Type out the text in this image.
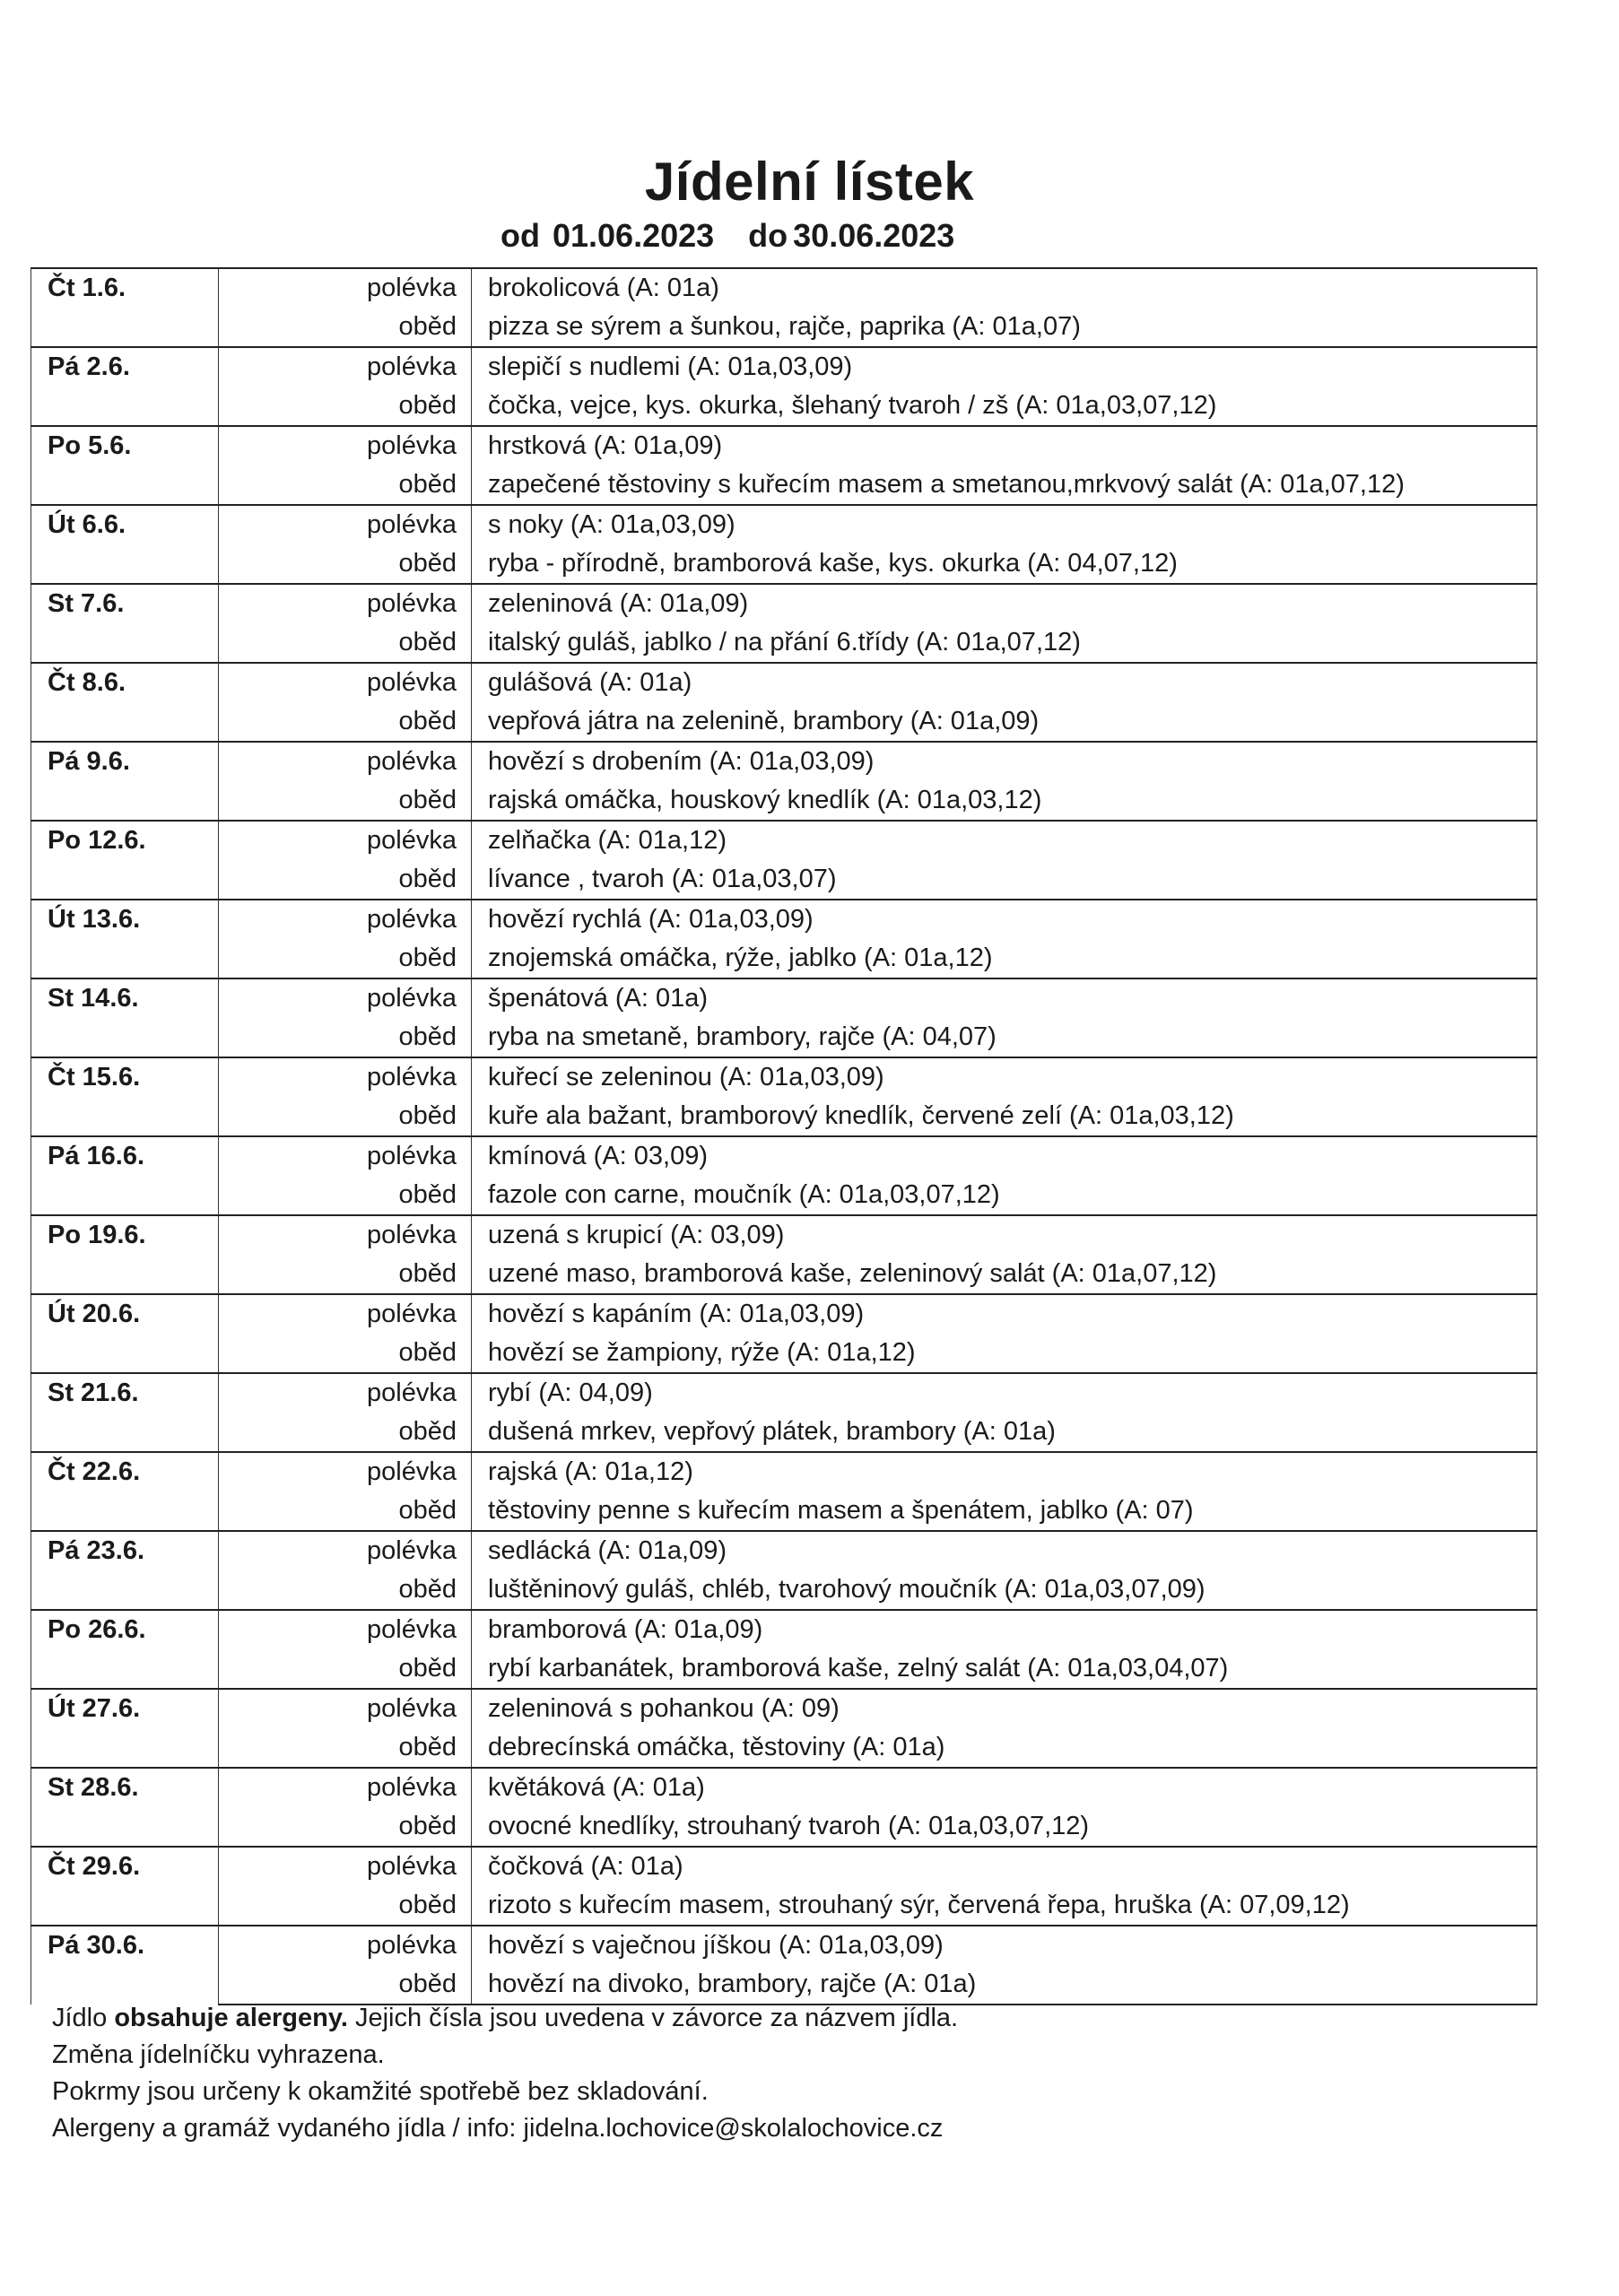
Jídelní lístek
od 01.06.2023 do 30.06.2023
Čt 1.6.	polévka	brokolicová (A: 01a)
	oběd	pizza se sýrem a šunkou, rajče, paprika (A: 01a,07)
Pá 2.6.	polévka	slepičí s nudlemi (A: 01a,03,09)
	oběd	čočka, vejce, kys. okurka, šlehaný tvaroh / zš (A: 01a,03,07,12)
Po 5.6.	polévka	hrstková (A: 01a,09)
	oběd	zapečené těstoviny s kuřecím masem a smetanou,mrkvový salát (A: 01a,07,12)
Út 6.6.	polévka	s noky (A: 01a,03,09)
	oběd	ryba - přírodně, bramborová kaše, kys. okurka (A: 04,07,12)
St 7.6.	polévka	zeleninová (A: 01a,09)
	oběd	italský guláš, jablko / na přání 6.třídy (A: 01a,07,12)
Čt 8.6.	polévka	gulášová (A: 01a)
	oběd	vepřová játra na zelenině, brambory (A: 01a,09)
Pá 9.6.	polévka	hovězí s drobením (A: 01a,03,09)
	oběd	rajská omáčka, houskový knedlík (A: 01a,03,12)
Po 12.6.	polévka	zelňačka (A: 01a,12)
	oběd	lívance , tvaroh (A: 01a,03,07)
Út 13.6.	polévka	hovězí rychlá (A: 01a,03,09)
	oběd	znojemská omáčka, rýže, jablko (A: 01a,12)
St 14.6.	polévka	špenátová (A: 01a)
	oběd	ryba na smetaně, brambory, rajče (A: 04,07)
Čt 15.6.	polévka	kuřecí se zeleninou (A: 01a,03,09)
	oběd	kuře ala bažant, bramborový knedlík, červené zelí (A: 01a,03,12)
Pá 16.6.	polévka	kmínová (A: 03,09)
	oběd	fazole con carne, moučník (A: 01a,03,07,12)
Po 19.6.	polévka	uzená s krupicí (A: 03,09)
	oběd	uzené maso, bramborová kaše, zeleninový salát (A: 01a,07,12)
Út 20.6.	polévka	hovězí s kapáním (A: 01a,03,09)
	oběd	hovězí se žampiony, rýže (A: 01a,12)
St 21.6.	polévka	rybí (A: 04,09)
	oběd	dušená mrkev, vepřový plátek, brambory (A: 01a)
Čt 22.6.	polévka	rajská (A: 01a,12)
	oběd	těstoviny penne s kuřecím masem a špenátem, jablko (A: 07)
Pá 23.6.	polévka	sedlácká (A: 01a,09)
	oběd	luštěninový guláš, chléb, tvarohový moučník (A: 01a,03,07,09)
Po 26.6.	polévka	bramborová (A: 01a,09)
	oběd	rybí karbanátek, bramborová kaše, zelný salát (A: 01a,03,04,07)
Út 27.6.	polévka	zeleninová s pohankou (A: 09)
	oběd	debrecínská omáčka, těstoviny (A: 01a)
St 28.6.	polévka	květáková (A: 01a)
	oběd	ovocné knedlíky, strouhaný tvaroh (A: 01a,03,07,12)
Čt 29.6.	polévka	čočková (A: 01a)
	oběd	rizoto s kuřecím masem, strouhaný sýr, červená řepa, hruška (A: 07,09,12)
Pá 30.6.	polévka	hovězí s vaječnou jíškou (A: 01a,03,09)
	oběd	hovězí na divoko, brambory, rajče (A: 01a)
Jídlo obsahuje alergeny. Jejich čísla jsou uvedena v závorce za názvem jídla.
Změna jídelníčku vyhrazena.
Pokrmy jsou určeny k okamžité spotřebě bez skladování.
Alergeny a gramáž vydaného jídla / info: jidelna.lochovice@skolalochovice.cz
